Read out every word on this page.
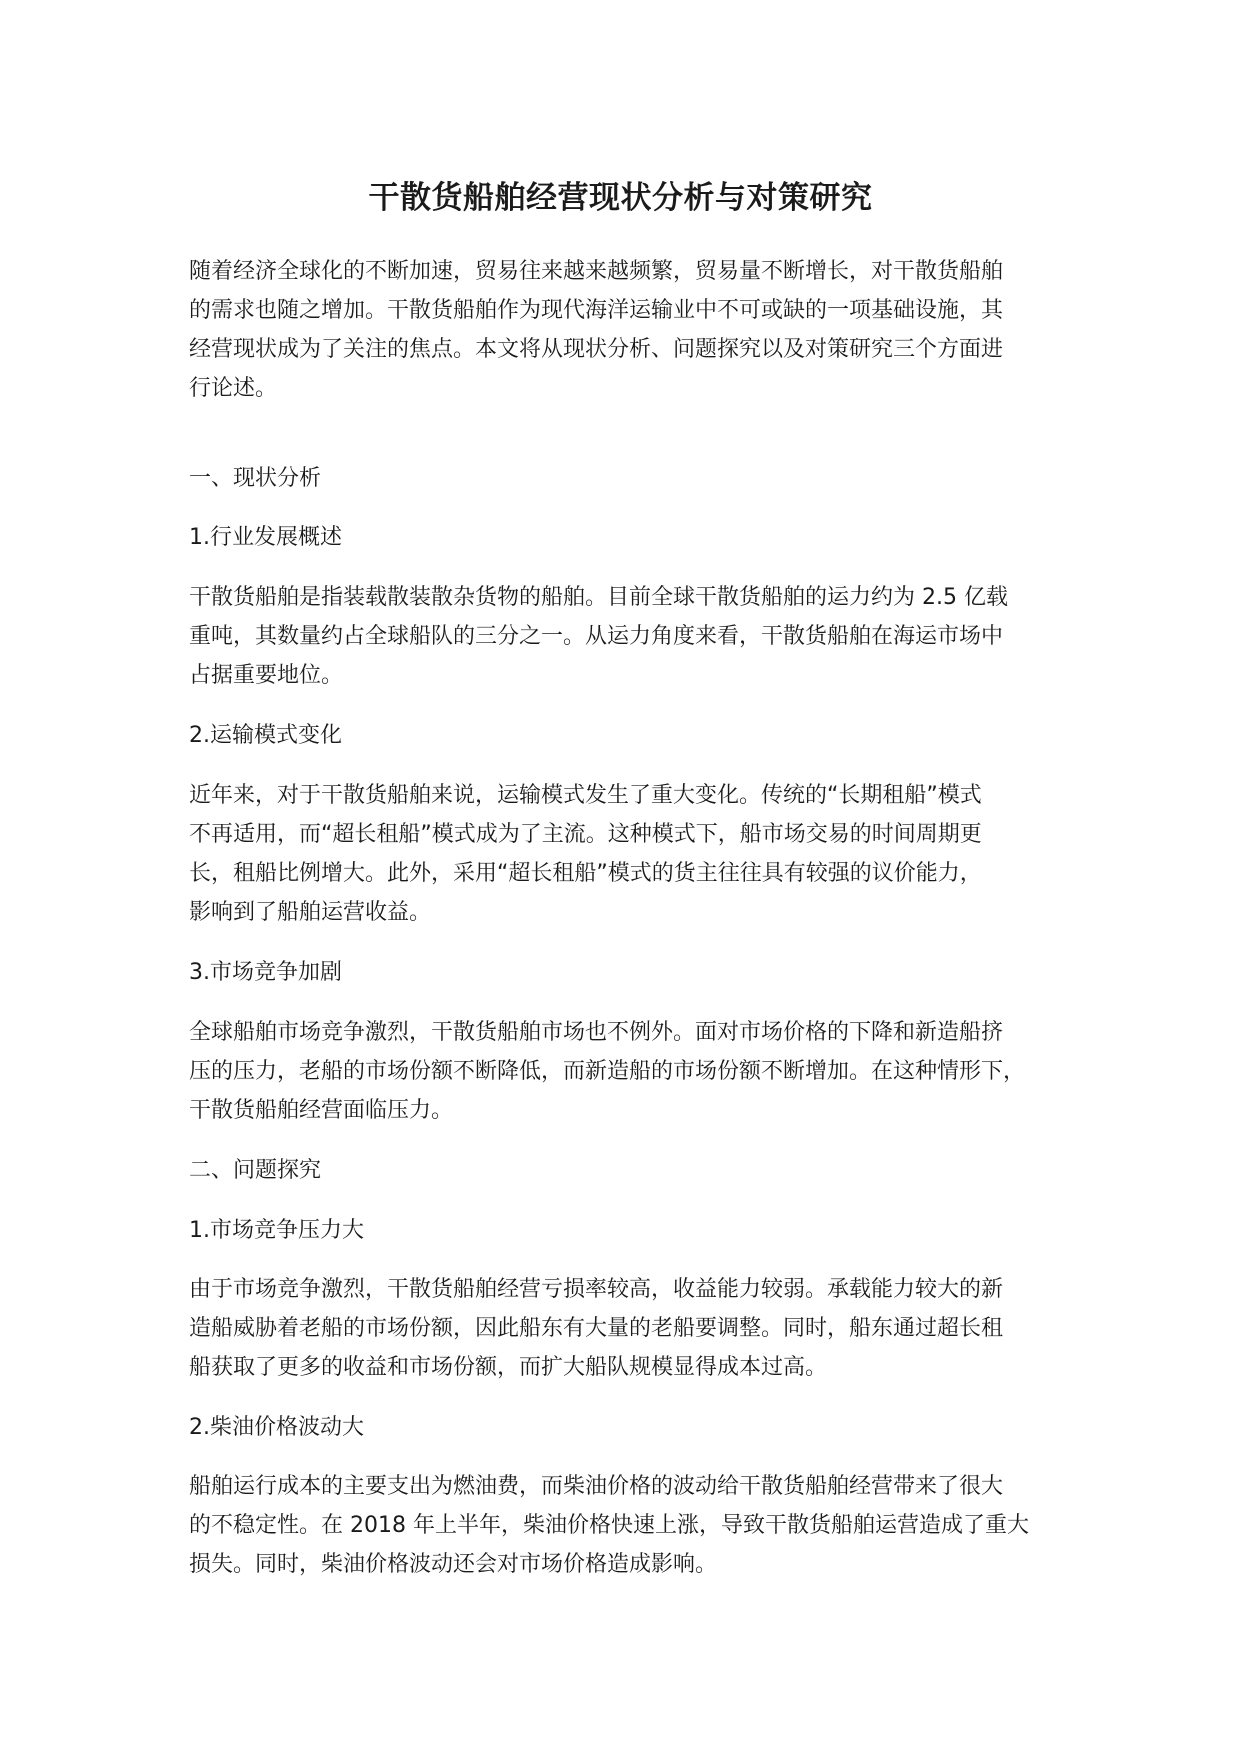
干散货船舶经营现状分析与对策研究

随着经济全球化的不断加速，贸易往来越来越频繁，贸易量不断增长，对干散货船舶
的需求也随之增加。干散货船舶作为现代海洋运输业中不可或缺的一项基础设施，其
经营现状成为了关注的焦点。本文将从现状分析、问题探究以及对策研究三个方面进
行论述。

一、现状分析

1.行业发展概述

干散货船舶是指装载散装散杂货物的船舶。目前全球干散货船舶的运力约为 2.5 亿载
重吨，其数量约占全球船队的三分之一。从运力角度来看，干散货船舶在海运市场中
占据重要地位。

2.运输模式变化

近年来，对于干散货船舶来说，运输模式发生了重大变化。传统的“长期租船”模式
不再适用，而“超长租船”模式成为了主流。这种模式下，船市场交易的时间周期更
长，租船比例增大。此外，采用“超长租船”模式的货主往往具有较强的议价能力，
影响到了船舶运营收益。

3.市场竞争加剧

全球船舶市场竞争激烈，干散货船舶市场也不例外。面对市场价格的下降和新造船挤
压的压力，老船的市场份额不断降低，而新造船的市场份额不断增加。在这种情形下，
干散货船舶经营面临压力。

二、问题探究

1.市场竞争压力大

由于市场竞争激烈，干散货船舶经营亏损率较高，收益能力较弱。承载能力较大的新
造船威胁着老船的市场份额，因此船东有大量的老船要调整。同时，船东通过超长租
船获取了更多的收益和市场份额，而扩大船队规模显得成本过高。

2.柴油价格波动大

船舶运行成本的主要支出为燃油费，而柴油价格的波动给干散货船舶经营带来了很大
的不稳定性。在 2018 年上半年，柴油价格快速上涨，导致干散货船舶运营造成了重大
损失。同时，柴油价格波动还会对市场价格造成影响。
